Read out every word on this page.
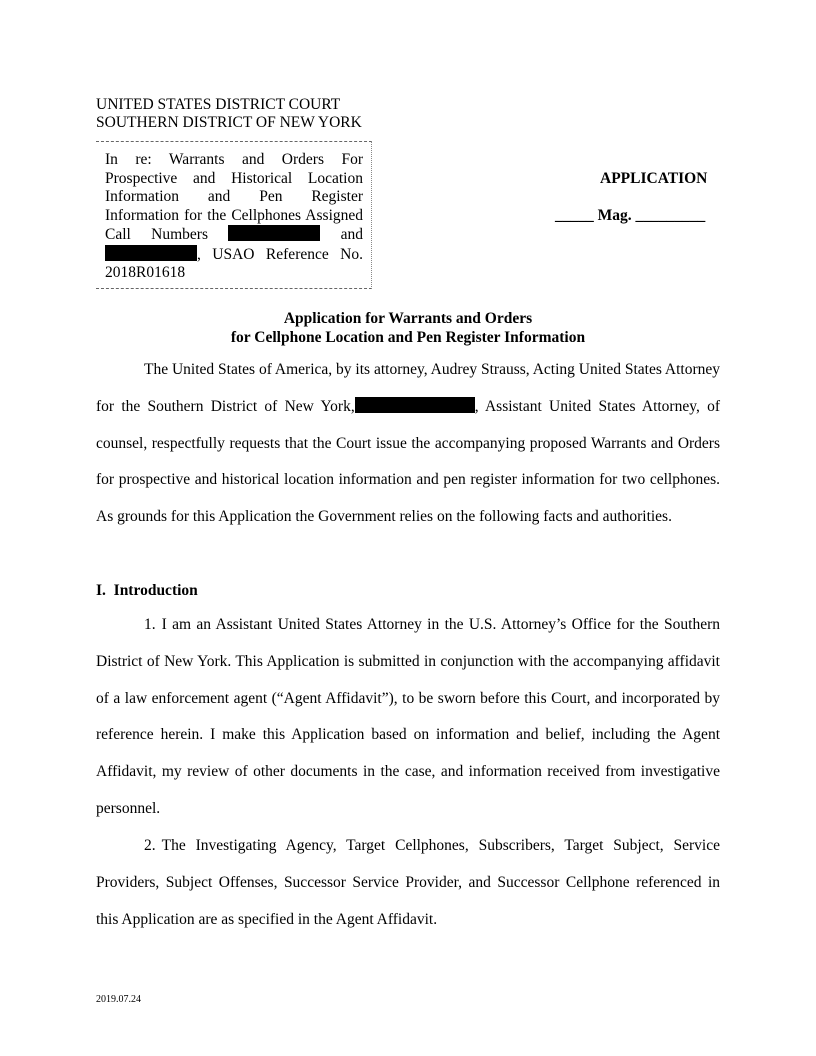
UNITED STATES DISTRICT COURT
SOUTHERN DISTRICT OF NEW YORK
In re: Warrants and Orders For Prospective and Historical Location Information and Pen Register Information for the Cellphones Assigned Call Numbers	and , USAO Reference No. 2018R01618
APPLICATION
_____ Mag. _________
Application for Warrants and Orders
for Cellphone Location and Pen Register Information
The United States of America, by its attorney, Audrey Strauss, Acting United States Attorney for the Southern District of New York,	, Assistant United States Attorney, of counsel, respectfully requests that the Court issue the accompanying proposed Warrants and Orders for prospective and historical location information and pen register information for two cellphones. As grounds for this Application the Government relies on the following facts and authorities.
I.  Introduction
1. I am an Assistant United States Attorney in the U.S. Attorney’s Office for the Southern District of New York. This Application is submitted in conjunction with the accompanying affidavit of a law enforcement agent (“Agent Affidavit”), to be sworn before this Court, and incorporated by reference herein. I make this Application based on information and belief, including the Agent Affidavit, my review of other documents in the case, and information received from investigative personnel.
2. The Investigating Agency, Target Cellphones, Subscribers, Target Subject, Service Providers, Subject Offenses, Successor Service Provider, and Successor Cellphone referenced in this Application are as specified in the Agent Affidavit.
2019.07.24
